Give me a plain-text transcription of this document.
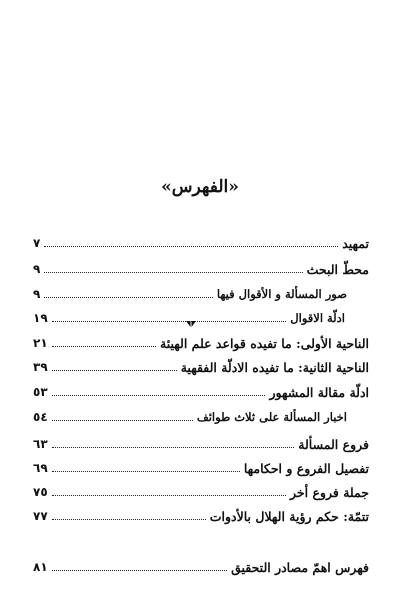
«الفهرس»
تمهيد
٧
محطّ البحث
٩
صور المسألة و الأقوال فيها
٩
ادلّة الاقوال
١٩
الناحية الأولى: ما تفيده قواعد علم الهيئة
٢١
الناحية الثانية: ما تفيده الادلّة الفقهية
٣٩
ادلّة مقالة المشهور
٥٣
اخبار المسألة على ثلاث طوائف
٥٤
فروع المسألة
٦٣
تفصيل الفروع و احكامها
٦٩
جملة فروع أخر
٧٥
تتمّة: حكم رؤية الهلال بالأدوات
٧٧
فهرس اهمّ مصادر التحقيق
٨١
